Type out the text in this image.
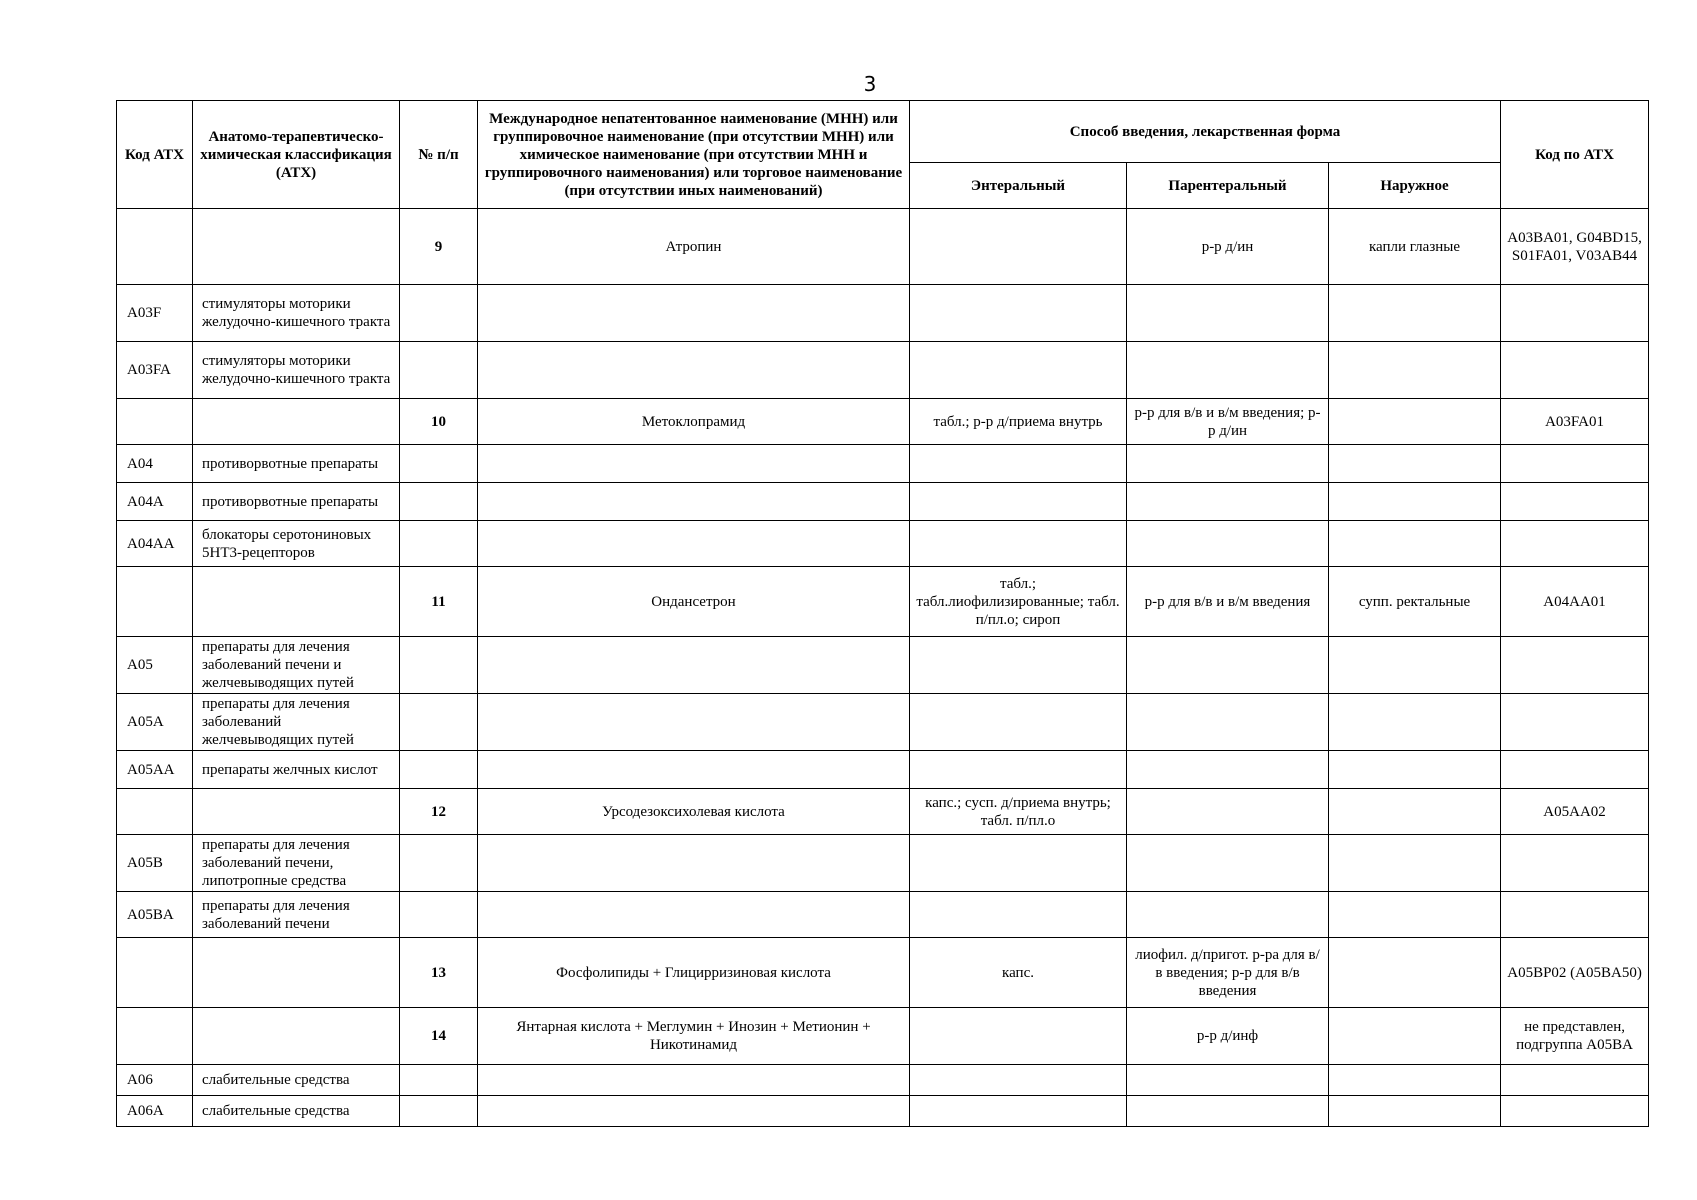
3
Код АТХ	Анатомо-терапевтическо-химическая классификация (АТХ)	№ п/п	Международное непатентованное наименование (МНН) или группировочное наименование (при отсутствии МНН) или химическое наименование (при отсутствии МНН и группировочного наименования) или торговое наименование (при отсутствии иных наименований)	Способ введения, лекарственная форма			Код по АТХ
				Энтеральный	Парентеральный	Наружное	
		9	Атропин		р-р д/ин	капли глазные	A03BA01, G04BD15, S01FA01, V03AB44
A03F	стимуляторы моторики желудочно-кишечного тракта						
A03FA	стимуляторы моторики желудочно-кишечного тракта						
		10	Метоклопрамид	табл.; р-р д/приема внутрь	р-р для в/в и в/м введения; р-р д/ин		A03FA01
A04	противорвотные препараты						
A04A	противорвотные препараты						
A04AA	блокаторы серотониновых 5HT3-рецепторов						
		11	Ондансетрон	табл.; табл.лиофилизированные; табл. п/пл.о; сироп	р-р для в/в и в/м введения	супп. ректальные	A04AA01
A05	препараты для лечения заболеваний печени и желчевыводящих путей						
A05A	препараты для лечения заболеваний желчевыводящих путей						
A05AA	препараты желчных кислот						
		12	Урсодезоксихолевая кислота	капс.; сусп. д/приема внутрь; табл. п/пл.о			A05AA02
A05B	препараты для лечения заболеваний печени, липотропные средства						
A05BA	препараты для лечения заболеваний печени						
		13	Фосфолипиды + Глицирризиновая кислота	капс.	лиофил. д/пригот. р-ра для в/в введения; р-р для в/в введения		A05BP02 (A05BA50)
		14	Янтарная кислота + Меглумин + Инозин + Метионин + Никотинамид		р-р д/инф		не представлен, подгруппа A05BA
A06	слабительные средства						
A06A	слабительные средства						
